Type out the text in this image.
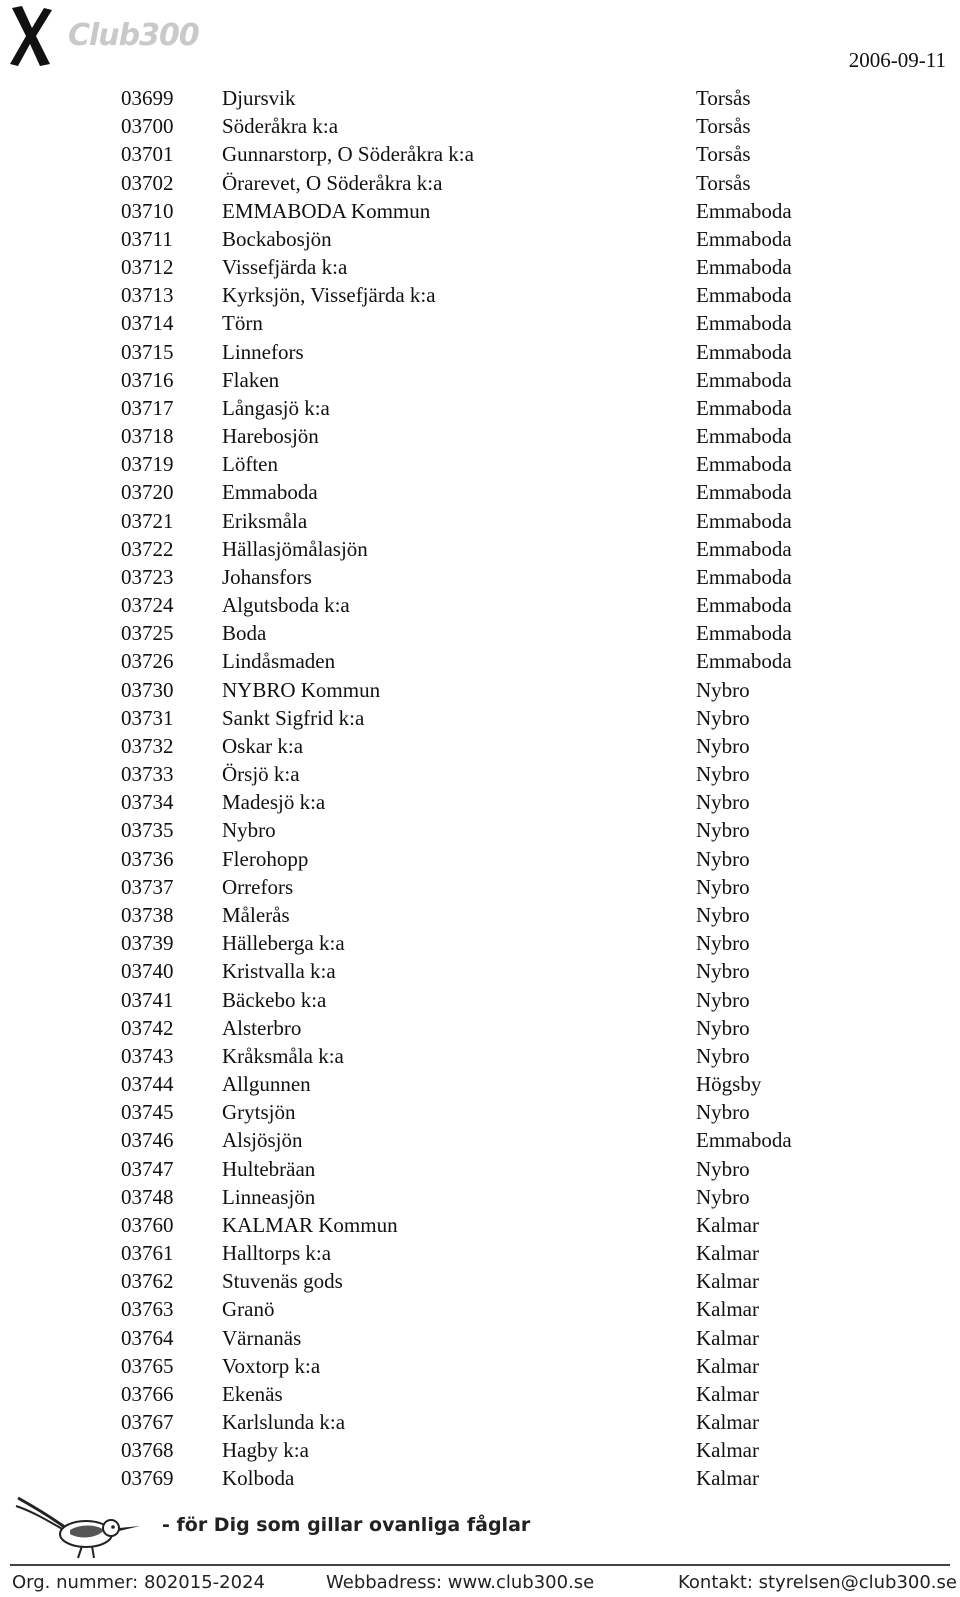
Club300
2006-09-11
03699 Djursvik	Torsås
03700 Söderåkra k:a	Torsås
03701 Gunnarstorp, O Söderåkra k:a	Torsås
03702 Örarevet, O Söderåkra k:a	Torsås
03710 EMMABODA Kommun	Emmaboda
03711 Bockabosjön	Emmaboda
03712 Vissefjärda k:a	Emmaboda
03713 Kyrksjön, Vissefjärda k:a	Emmaboda
03714 Törn	Emmaboda
03715 Linnefors	Emmaboda
03716 Flaken	Emmaboda
03717 Långasjö k:a	Emmaboda
03718 Harebosjön	Emmaboda
03719 Löften	Emmaboda
03720 Emmaboda	Emmaboda
03721 Eriksmåla	Emmaboda
03722 Hällasjömålasjön	Emmaboda
03723 Johansfors	Emmaboda
03724 Algutsboda k:a	Emmaboda
03725 Boda	Emmaboda
03726 Lindåsmaden	Emmaboda
03730 NYBRO Kommun	Nybro
03731 Sankt Sigfrid k:a	Nybro
03732 Oskar k:a	Nybro
03733 Örsjö k:a	Nybro
03734 Madesjö k:a	Nybro
03735 Nybro	Nybro
03736 Flerohopp	Nybro
03737 Orrefors	Nybro
03738 Målerås	Nybro
03739 Hälleberga k:a	Nybro
03740 Kristvalla k:a	Nybro
03741 Bäckebo k:a	Nybro
03742 Alsterbro	Nybro
03743 Kråksmåla k:a	Nybro
03744 Allgunnen	Högsby
03745 Grytsjön	Nybro
03746 Alsjösjön	Emmaboda
03747 Hultebräan	Nybro
03748 Linneasjön	Nybro
03760 KALMAR Kommun	Kalmar
03761 Halltorps k:a	Kalmar
03762 Stuvenäs gods	Kalmar
03763 Granö	Kalmar
03764 Värnanäs	Kalmar
03765 Voxtorp k:a	Kalmar
03766 Ekenäs	Kalmar
03767 Karlslunda k:a	Kalmar
03768 Hagby k:a	Kalmar
03769 Kolboda	Kalmar
- för Dig som gillar ovanliga fåglar
Org. nummer: 802015-2024	Webbadress: www.club300.se	Kontakt: styrelsen@club300.se
